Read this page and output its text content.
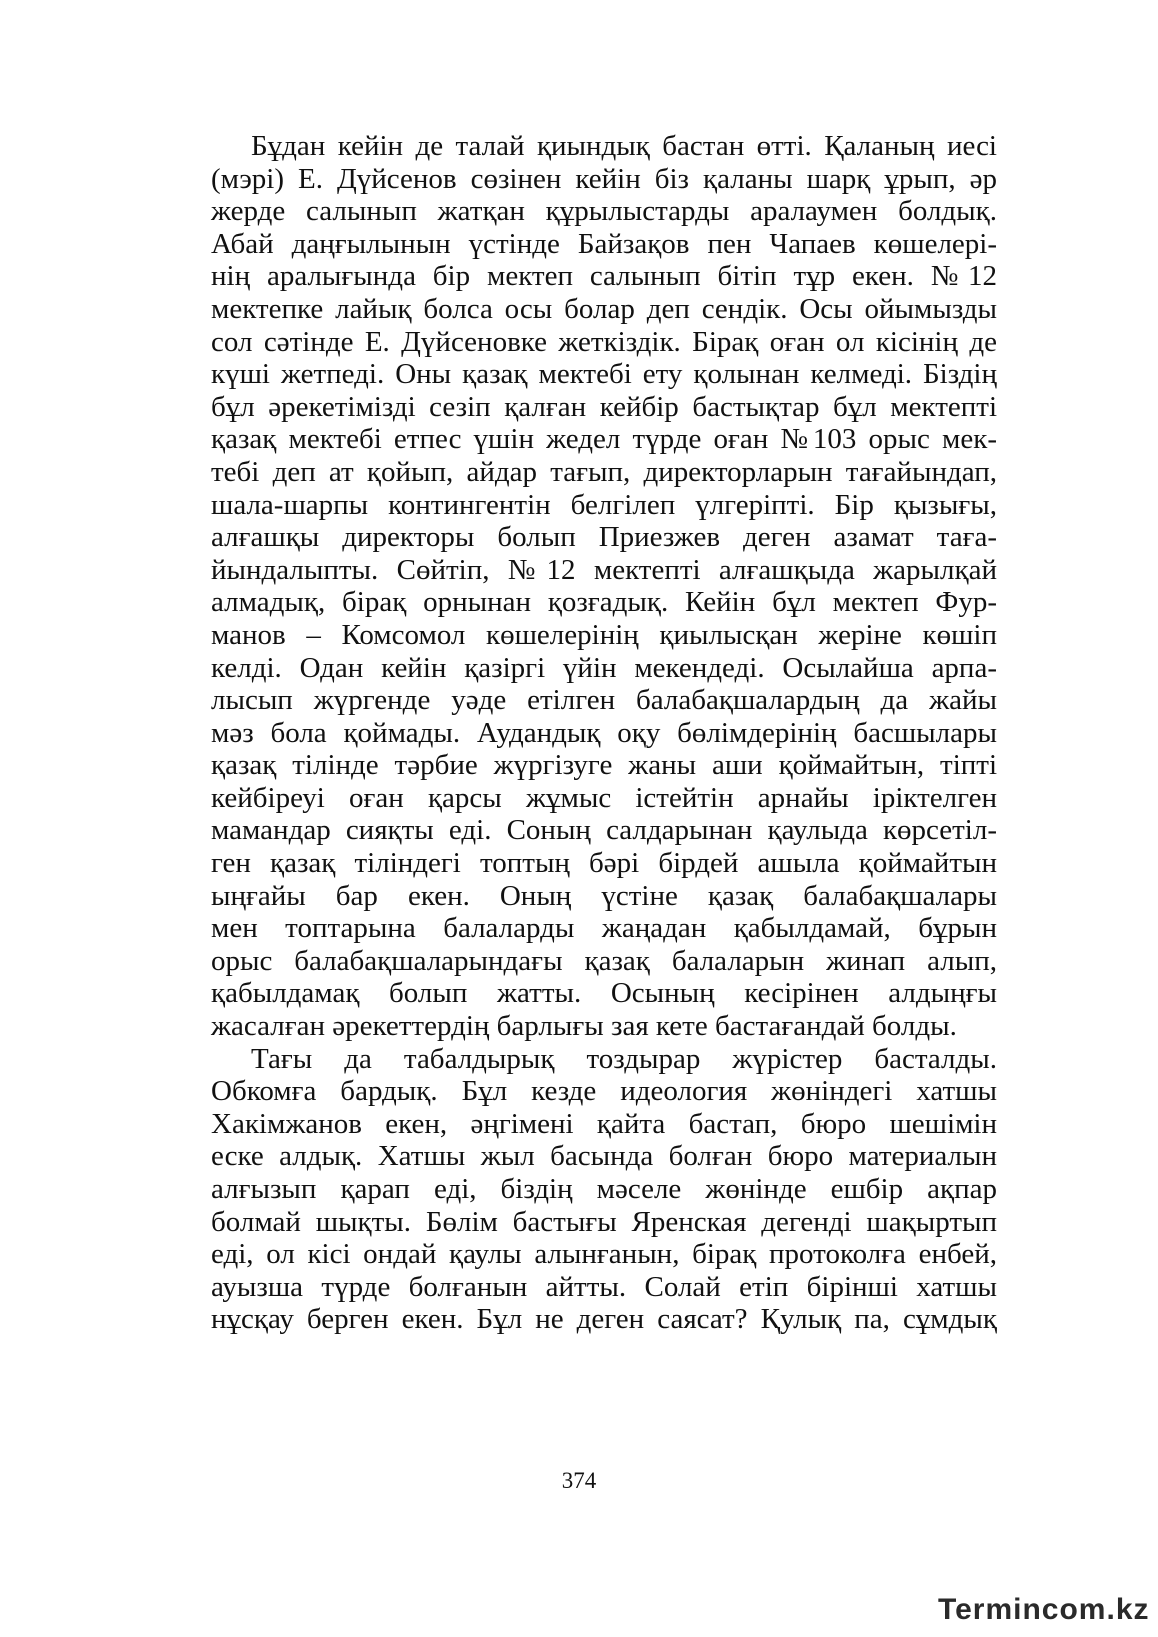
Бұдан кейін де талай қиындық бастан өтті. Қаланың иесі
(мэрі) Е. Дүйсенов сөзінен кейін біз қаланы шарқ ұрып, әр
жерде салынып жатқан құрылыстарды аралаумен болдық.
Абай даңғылынын үстінде Байзақов пен Чапаев көшелері-
нің аралығында бір мектеп салынып бітіп тұр екен. №12
мектепке лайық болса осы болар деп сендік. Осы ойымызды
сол сәтінде Е. Дүйсеновке жеткіздік. Бірақ оған ол кісінің де
күші жетпеді. Оны қазақ мектебі ету қолынан келмеді. Біздің
бұл әрекетімізді сезіп қалған кейбір бастықтар бұл мектепті
қазақ мектебі етпес үшін жедел түрде оған №103 орыс мек-
тебі деп ат қойып, айдар тағып, директорларын тағайындап,
шала-шарпы контингентін белгілеп үлгеріпті. Бір қызығы,
алғашқы директоры болып Приезжев деген азамат таға-
йындалыпты. Сөйтіп, №12 мектепті алғашқыда жарылқай
алмадық, бірақ орнынан қозғадық. Кейін бұл мектеп Фур-
манов – Комсомол көшелерінің қиылысқан жеріне көшіп
келді. Одан кейін қазіргі үйін мекендеді. Осылайша арпа-
лысып жүргенде уәде етілген балабақшалардың да жайы
мәз бола қоймады. Аудандық оқу бөлімдерінің басшылары
қазақ тілінде тәрбие жүргізуге жаны аши қоймайтын, тіпті
кейбіреуі оған қарсы жұмыс істейтін арнайы іріктелген
мамандар сияқты еді. Соның салдарынан қаулыда көрсетіл-
ген қазақ тіліндегі топтың бәрі бірдей ашыла қоймайтын
ыңғайы бар екен. Оның үстіне қазақ балабақшалары
мен топтарына балаларды жаңадан қабылдамай, бұрын
орыс балабақшаларындағы қазақ балаларын жинап алып,
қабылдамақ болып жатты. Осының кесірінен алдыңғы
жасалған әрекеттердің барлығы зая кете бастағандай болды.
Тағы да табалдырық тоздырар жүрістер басталды.
Обкомға бардық. Бұл кезде идеология жөніндегі хатшы
Хакімжанов екен, әңгімені қайта бастап, бюро шешімін
еске алдық. Хатшы жыл басында болған бюро материалын
алғызып қарап еді, біздің мәселе жөнінде ешбір ақпар
болмай шықты. Бөлім бастығы Яренская дегенді шақыртып
еді, ол кісі ондай қаулы алынғанын, бірақ протоколға енбей,
ауызша түрде болғанын айтты. Солай етіп бірінші хатшы
нұсқау берген екен. Бұл не деген саясат? Қулық па, сұмдық
374
Termincom.kz
